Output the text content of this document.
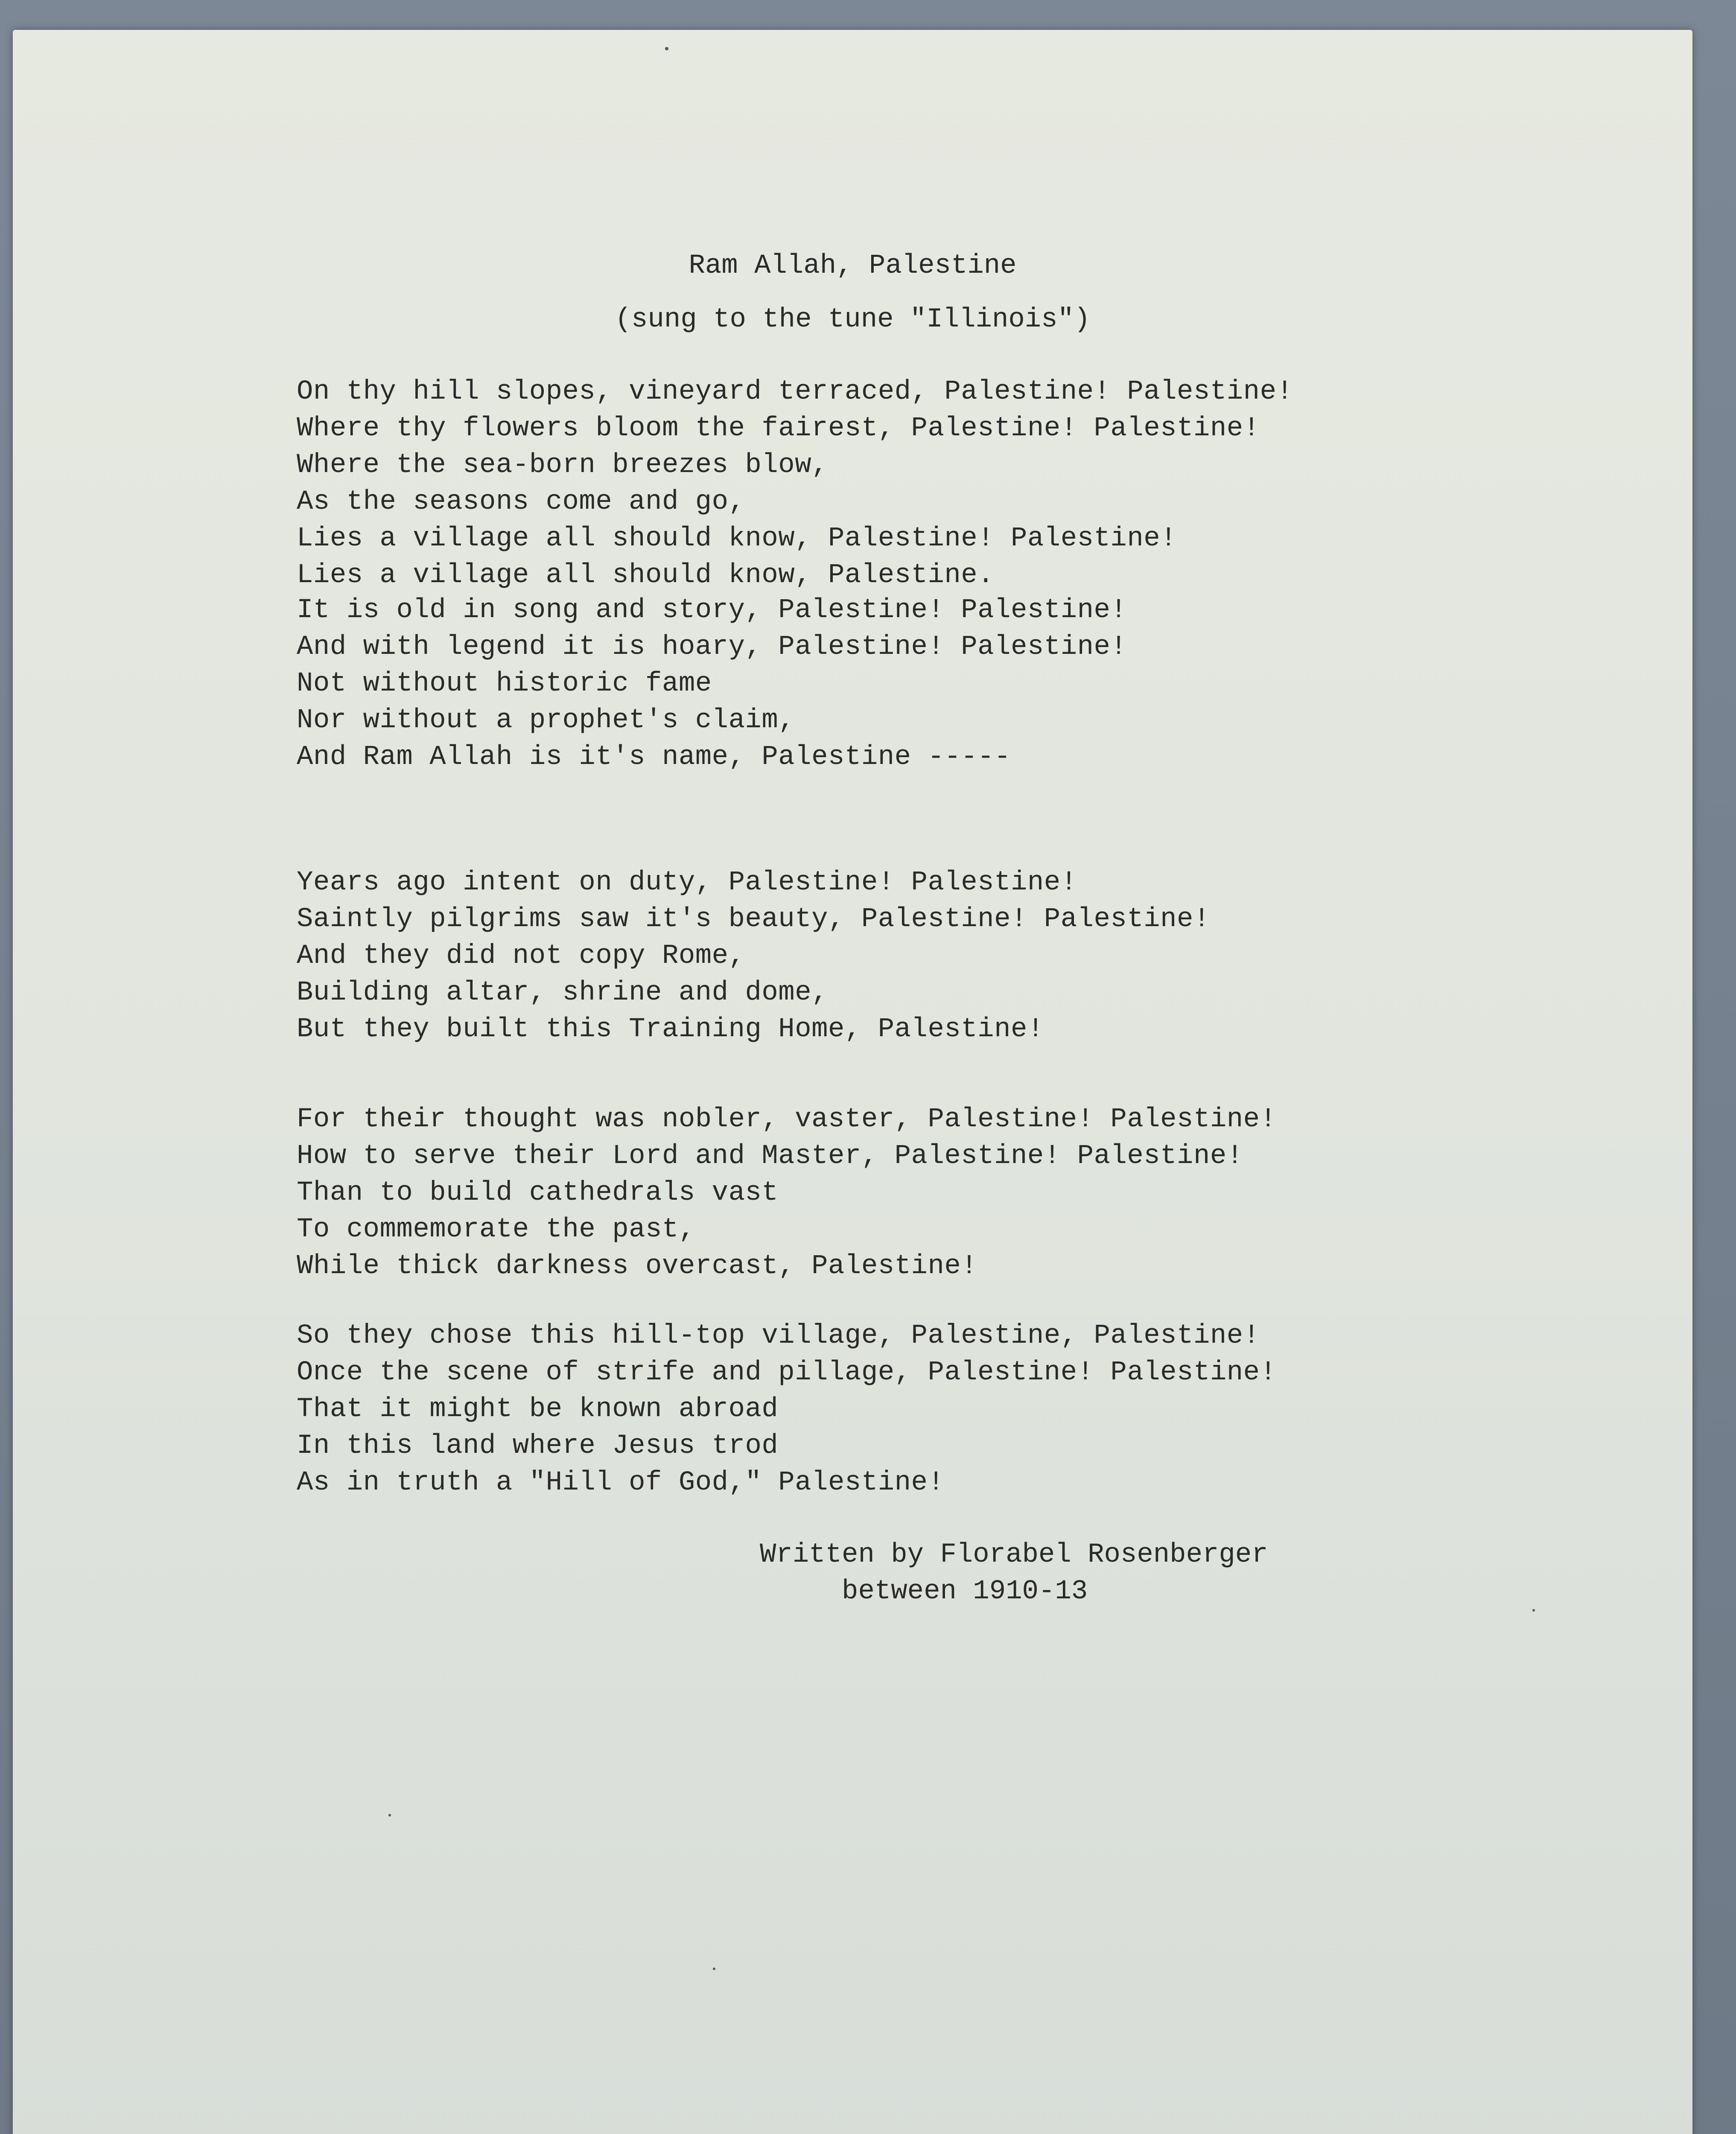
Ram Allah, Palestine
(sung to the tune "Illinois")
On thy hill slopes, vineyard terraced, Palestine! Palestine!
Where thy flowers bloom the fairest, Palestine! Palestine!
Where the sea-born breezes blow,
As the seasons come and go,
Lies a village all should know, Palestine! Palestine!
Lies a village all should know, Palestine.
It is old in song and story, Palestine! Palestine!
And with legend it is hoary, Palestine! Palestine!
Not without historic fame
Nor without a prophet's claim,
And Ram Allah is it's name, Palestine -----
Years ago intent on duty, Palestine! Palestine!
Saintly pilgrims saw it's beauty, Palestine! Palestine!
And they did not copy Rome,
Building altar, shrine and dome,
But they built this Training Home, Palestine!
For their thought was nobler, vaster, Palestine! Palestine!
How to serve their Lord and Master, Palestine! Palestine!
Than to build cathedrals vast
To commemorate the past,
While thick darkness overcast, Palestine!
So they chose this hill-top village, Palestine, Palestine!
Once the scene of strife and pillage, Palestine! Palestine!
That it might be known abroad
In this land where Jesus trod
As in truth a "Hill of God," Palestine!
Written by Florabel Rosenberger
between 1910-13
